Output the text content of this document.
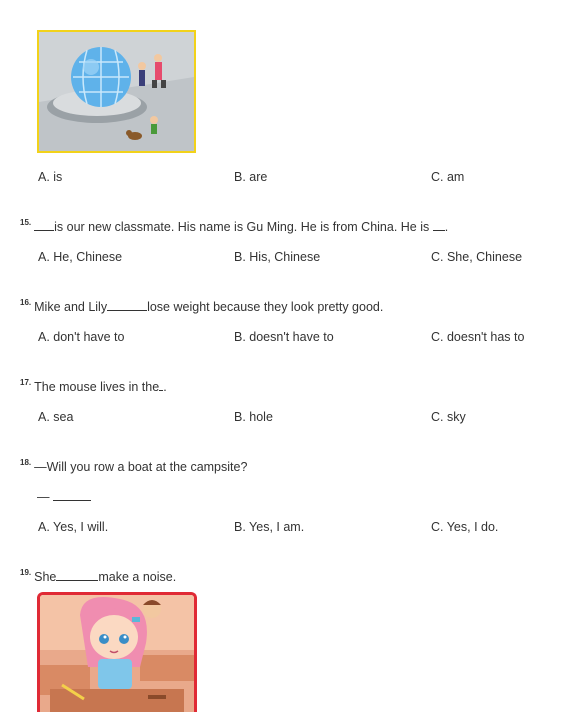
A. is	B. are	C. am
$^{15.}$ is our new classmate. His name is Gu Ming. He is from China. He is .
A. He, Chinese	B. His, Chinese	C. She, Chinese
$^{16.}$ Mike and Lily	lose weight because they look pretty good.
A. don't have to	B. doesn't have to	C. doesn't has to
$^{17.}$ The mouse lives in the .
A. sea	B. hole	C. sky
$^{18.}$ —Will you row a boat at the campsite?
—
A. Yes, I will.	B. Yes, I am.	C. Yes, I do.
$^{19.}$ She	make a noise.
